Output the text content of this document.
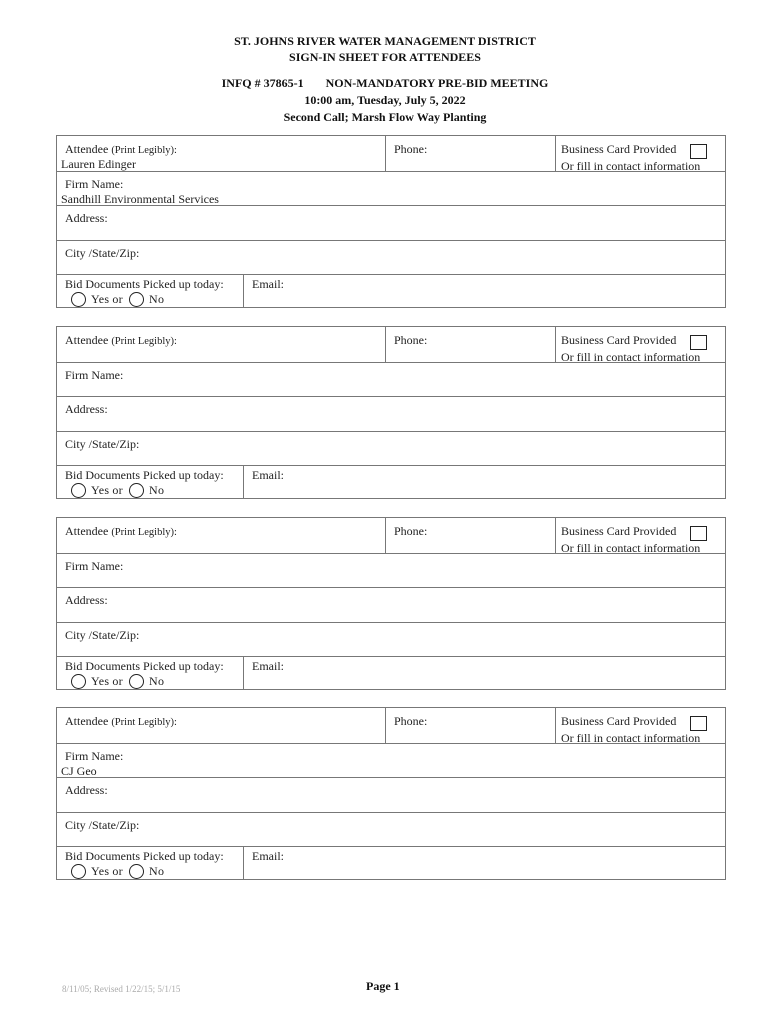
ST. JOHNS RIVER WATER MANAGEMENT DISTRICT
SIGN-IN SHEET FOR ATTENDEES
INFQ # 37865-1 NON-MANDATORY PRE-BID MEETING
10:00 am, Tuesday, July 5, 2022
Second Call; Marsh Flow Way Planting
Attendee (Print Legibly):
Lauren Edinger
Phone:	Business Card Provided
Or fill in contact information
Firm Name:
Sandhill Environmental Services
Address:
City /State/Zip:
Bid Documents Picked up today:
Yes or No
Email:
Attendee (Print Legibly):	Phone:	Business Card Provided
Or fill in contact information
Firm Name:
Address:
City /State/Zip:
Bid Documents Picked up today:
Yes or No
Email:
Attendee (Print Legibly):	Phone:	Business Card Provided
Or fill in contact information
Firm Name:
Address:
City /State/Zip:
Bid Documents Picked up today:
Yes or No
Email:
Attendee (Print Legibly):	Phone:	Business Card Provided
Or fill in contact information
Firm Name:
CJ Geo
Address:
City /State/Zip:
Bid Documents Picked up today:
Yes or No
Email:
8/11/05; Revised 1/22/15; 5/1/15	Page 1
